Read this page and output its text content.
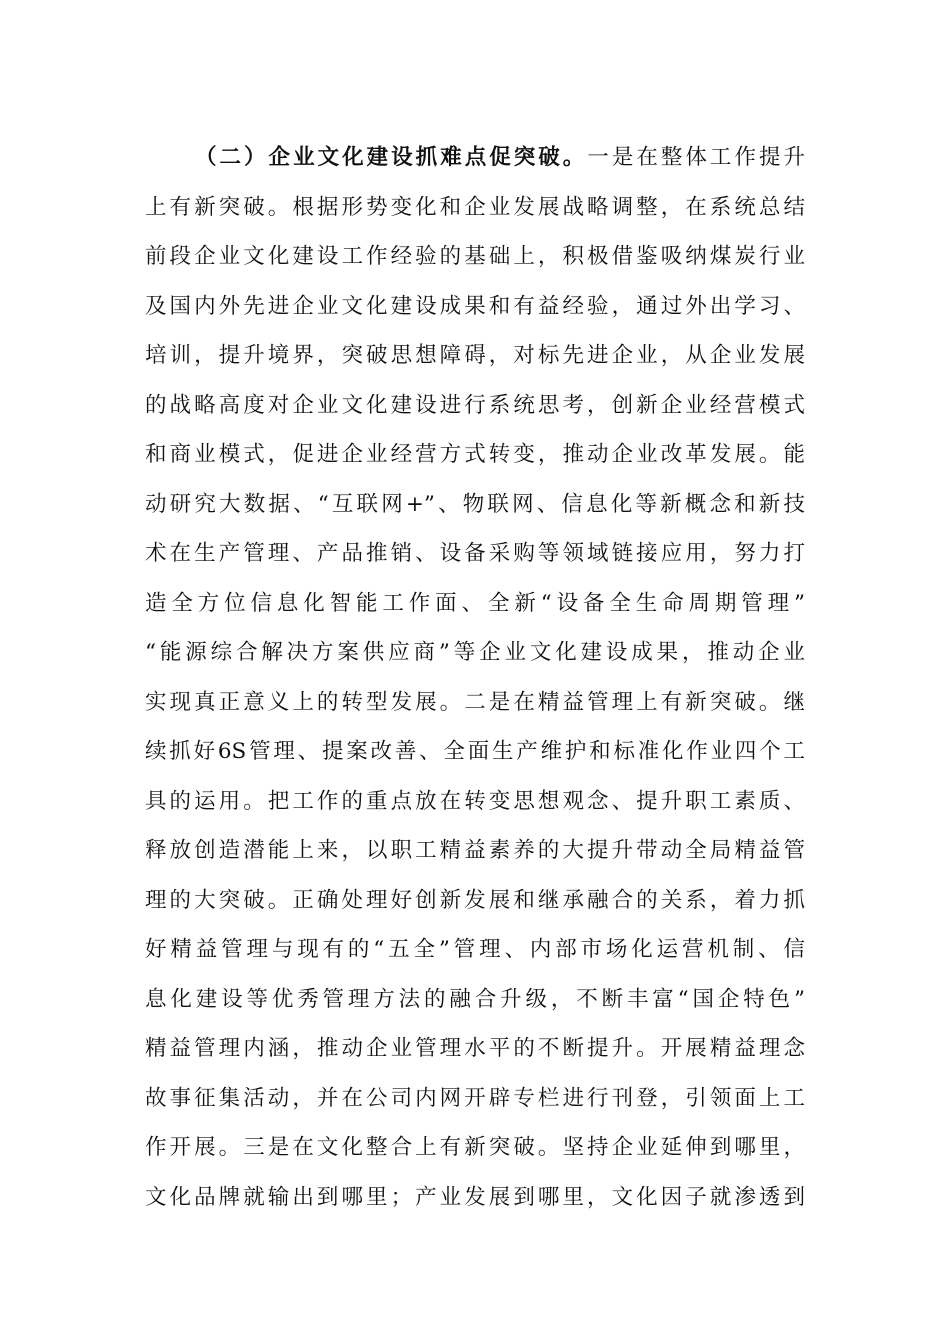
（二）企业文化建设抓难点促突破。一是在整体工作提升
上有新突破。根据形势变化和企业发展战略调整，在系统总结
前段企业文化建设工作经验的基础上，积极借鉴吸纳煤炭行业
及国内外先进企业文化建设成果和有益经验，通过外出学习、
培训，提升境界，突破思想障碍，对标先进企业，从企业发展
的战略高度对企业文化建设进行系统思考，创新企业经营模式
和商业模式，促进企业经营方式转变，推动企业改革发展。能
动研究大数据、“互联网+”、物联网、信息化等新概念和新技
术在生产管理、产品推销、设备采购等领域链接应用，努力打
造全方位信息化智能工作面、全新“设备全生命周期管理”
“能源综合解决方案供应商”等企业文化建设成果，推动企业
实现真正意义上的转型发展。二是在精益管理上有新突破。继
续抓好6S管理、提案改善、全面生产维护和标准化作业四个工
具的运用。把工作的重点放在转变思想观念、提升职工素质、
释放创造潜能上来，以职工精益素养的大提升带动全局精益管
理的大突破。正确处理好创新发展和继承融合的关系，着力抓
好精益管理与现有的“五全”管理、内部市场化运营机制、信
息化建设等优秀管理方法的融合升级，不断丰富“国企特色”
精益管理内涵，推动企业管理水平的不断提升。开展精益理念
故事征集活动，并在公司内网开辟专栏进行刊登，引领面上工
作开展。三是在文化整合上有新突破。坚持企业延伸到哪里，
文化品牌就输出到哪里；产业发展到哪里，文化因子就渗透到
